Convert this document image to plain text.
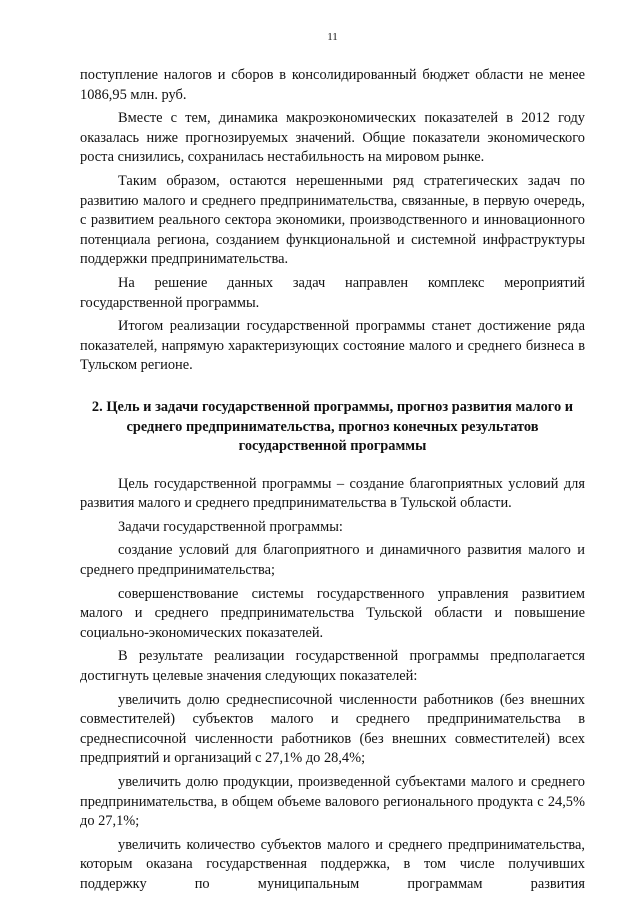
11

поступление налогов и сборов в консолидированный бюджет области не менее 1086,95 млн. руб.

Вместе с тем, динамика макроэкономических показателей в 2012 году оказалась ниже прогнозируемых значений. Общие показатели экономического роста снизились, сохранилась нестабильность на мировом рынке.

Таким образом, остаются нерешенными ряд стратегических задач по развитию малого и среднего предпринимательства, связанные, в первую очередь, с развитием реального сектора экономики, производственного и инновационного потенциала региона, созданием функциональной и системной инфраструктуры поддержки предпринимательства.

На решение данных задач направлен комплекс мероприятий государственной программы.

Итогом реализации государственной программы станет достижение ряда показателей, напрямую характеризующих состояние малого и среднего бизнеса в Тульском регионе.

2. Цель и задачи государственной программы, прогноз развития малого и среднего предпринимательства, прогноз конечных результатов государственной программы

Цель государственной программы – создание благоприятных условий для развития малого и среднего предпринимательства в Тульской области.

Задачи государственной программы:

создание условий для благоприятного и динамичного развития малого и среднего предпринимательства;

совершенствование системы государственного управления развитием малого и среднего предпринимательства Тульской области и повышение социально-экономических показателей.

В результате реализации государственной программы предполагается достигнуть целевые значения следующих показателей:

увеличить долю среднесписочной численности работников (без внешних совместителей) субъектов малого и среднего предпринимательства в среднесписочной численности работников (без внешних совместителей) всех предприятий и организаций с 27,1% до 28,4%;

увеличить долю продукции, произведенной субъектами малого и среднего предпринимательства, в общем объеме валового регионального продукта с 24,5% до 27,1%;

увеличить количество субъектов малого и среднего предпринимательства, которым оказана государственная поддержка, в том числе получивших поддержку по муниципальным программам развития
